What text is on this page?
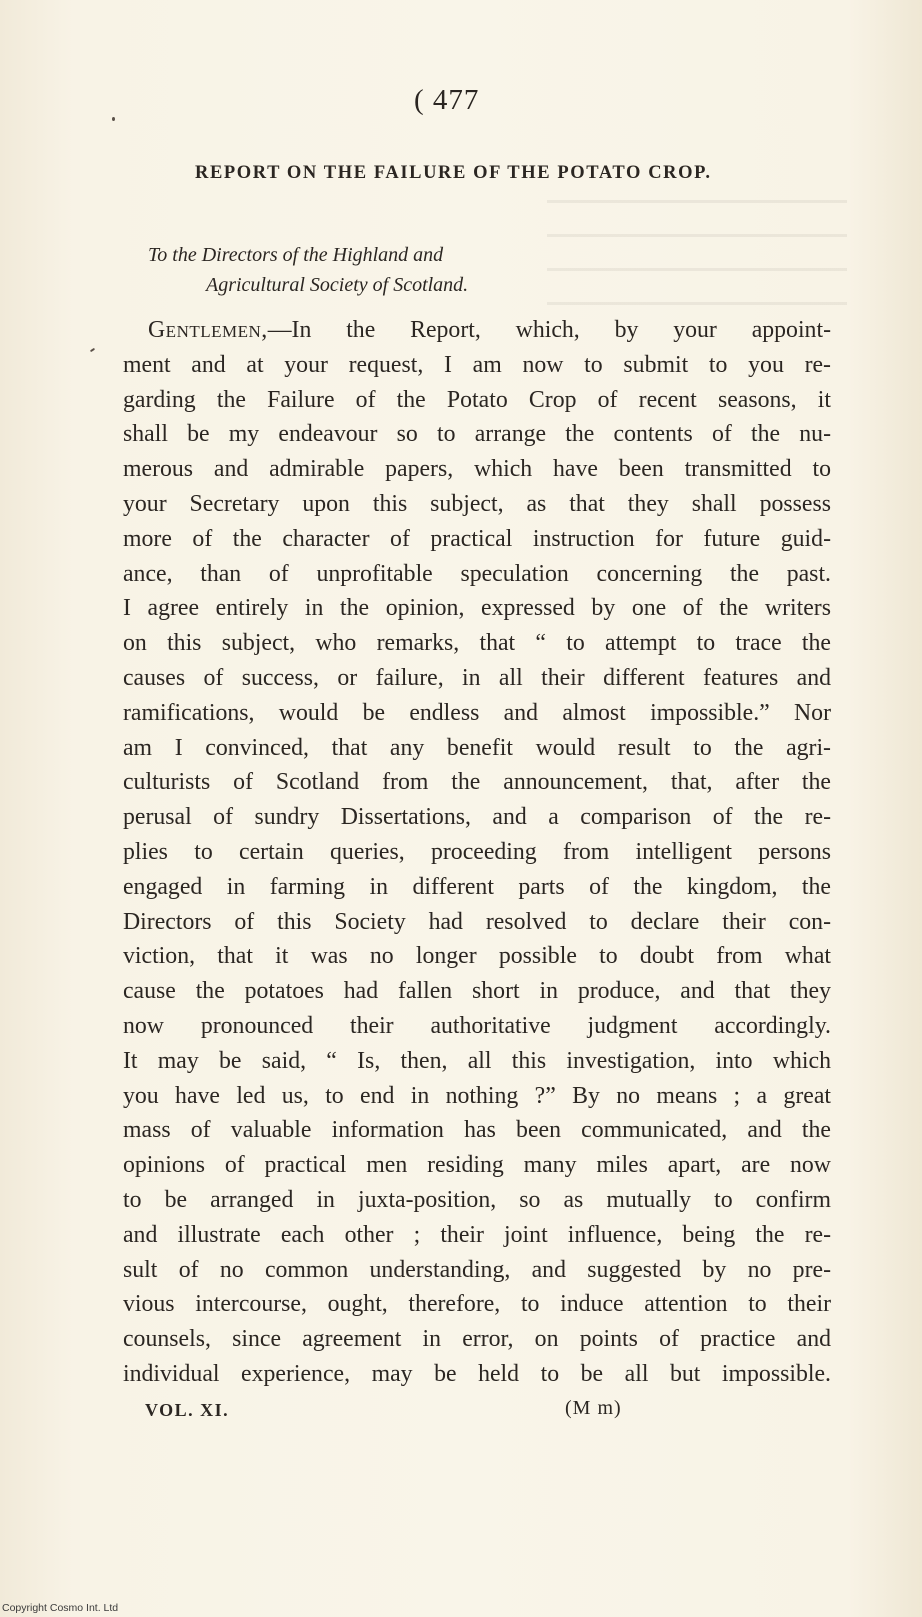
( 477
REPORT ON THE FAILURE OF THE POTATO CROP.
To the Directors of the Highland and
Agricultural Society of Scotland.
Gentlemen,—In the Report, which, by your appoint-
ment and at your request, I am now to submit to you re-
garding the Failure of the Potato Crop of recent seasons, it
shall be my endeavour so to arrange the contents of the nu-
merous and admirable papers, which have been transmitted to
your Secretary upon this subject, as that they shall possess
more of the character of practical instruction for future guid-
ance, than of unprofitable speculation concerning the past.
I agree entirely in the opinion, expressed by one of the writers
on this subject, who remarks, that “ to attempt to trace the
causes of success, or failure, in all their different features and
ramifications, would be endless and almost impossible.” Nor
am I convinced, that any benefit would result to the agri-
culturists of Scotland from the announcement, that, after the
perusal of sundry Dissertations, and a comparison of the re-
plies to certain queries, proceeding from intelligent persons
engaged in farming in different parts of the kingdom, the
Directors of this Society had resolved to declare their con-
viction, that it was no longer possible to doubt from what
cause the potatoes had fallen short in produce, and that they
now pronounced their authoritative judgment accordingly.
It may be said, “ Is, then, all this investigation, into which
you have led us, to end in nothing ?” By no means ; a great
mass of valuable information has been communicated, and the
opinions of practical men residing many miles apart, are now
to be arranged in juxta-position, so as mutually to confirm
and illustrate each other ; their joint influence, being the re-
sult of no common understanding, and suggested by no pre-
vious intercourse, ought, therefore, to induce attention to their
counsels, since agreement in error, on points of practice and
individual experience, may be held to be all but impossible.
VOL. XI.	(M m)
Copyright Cosmo Int. Ltd
